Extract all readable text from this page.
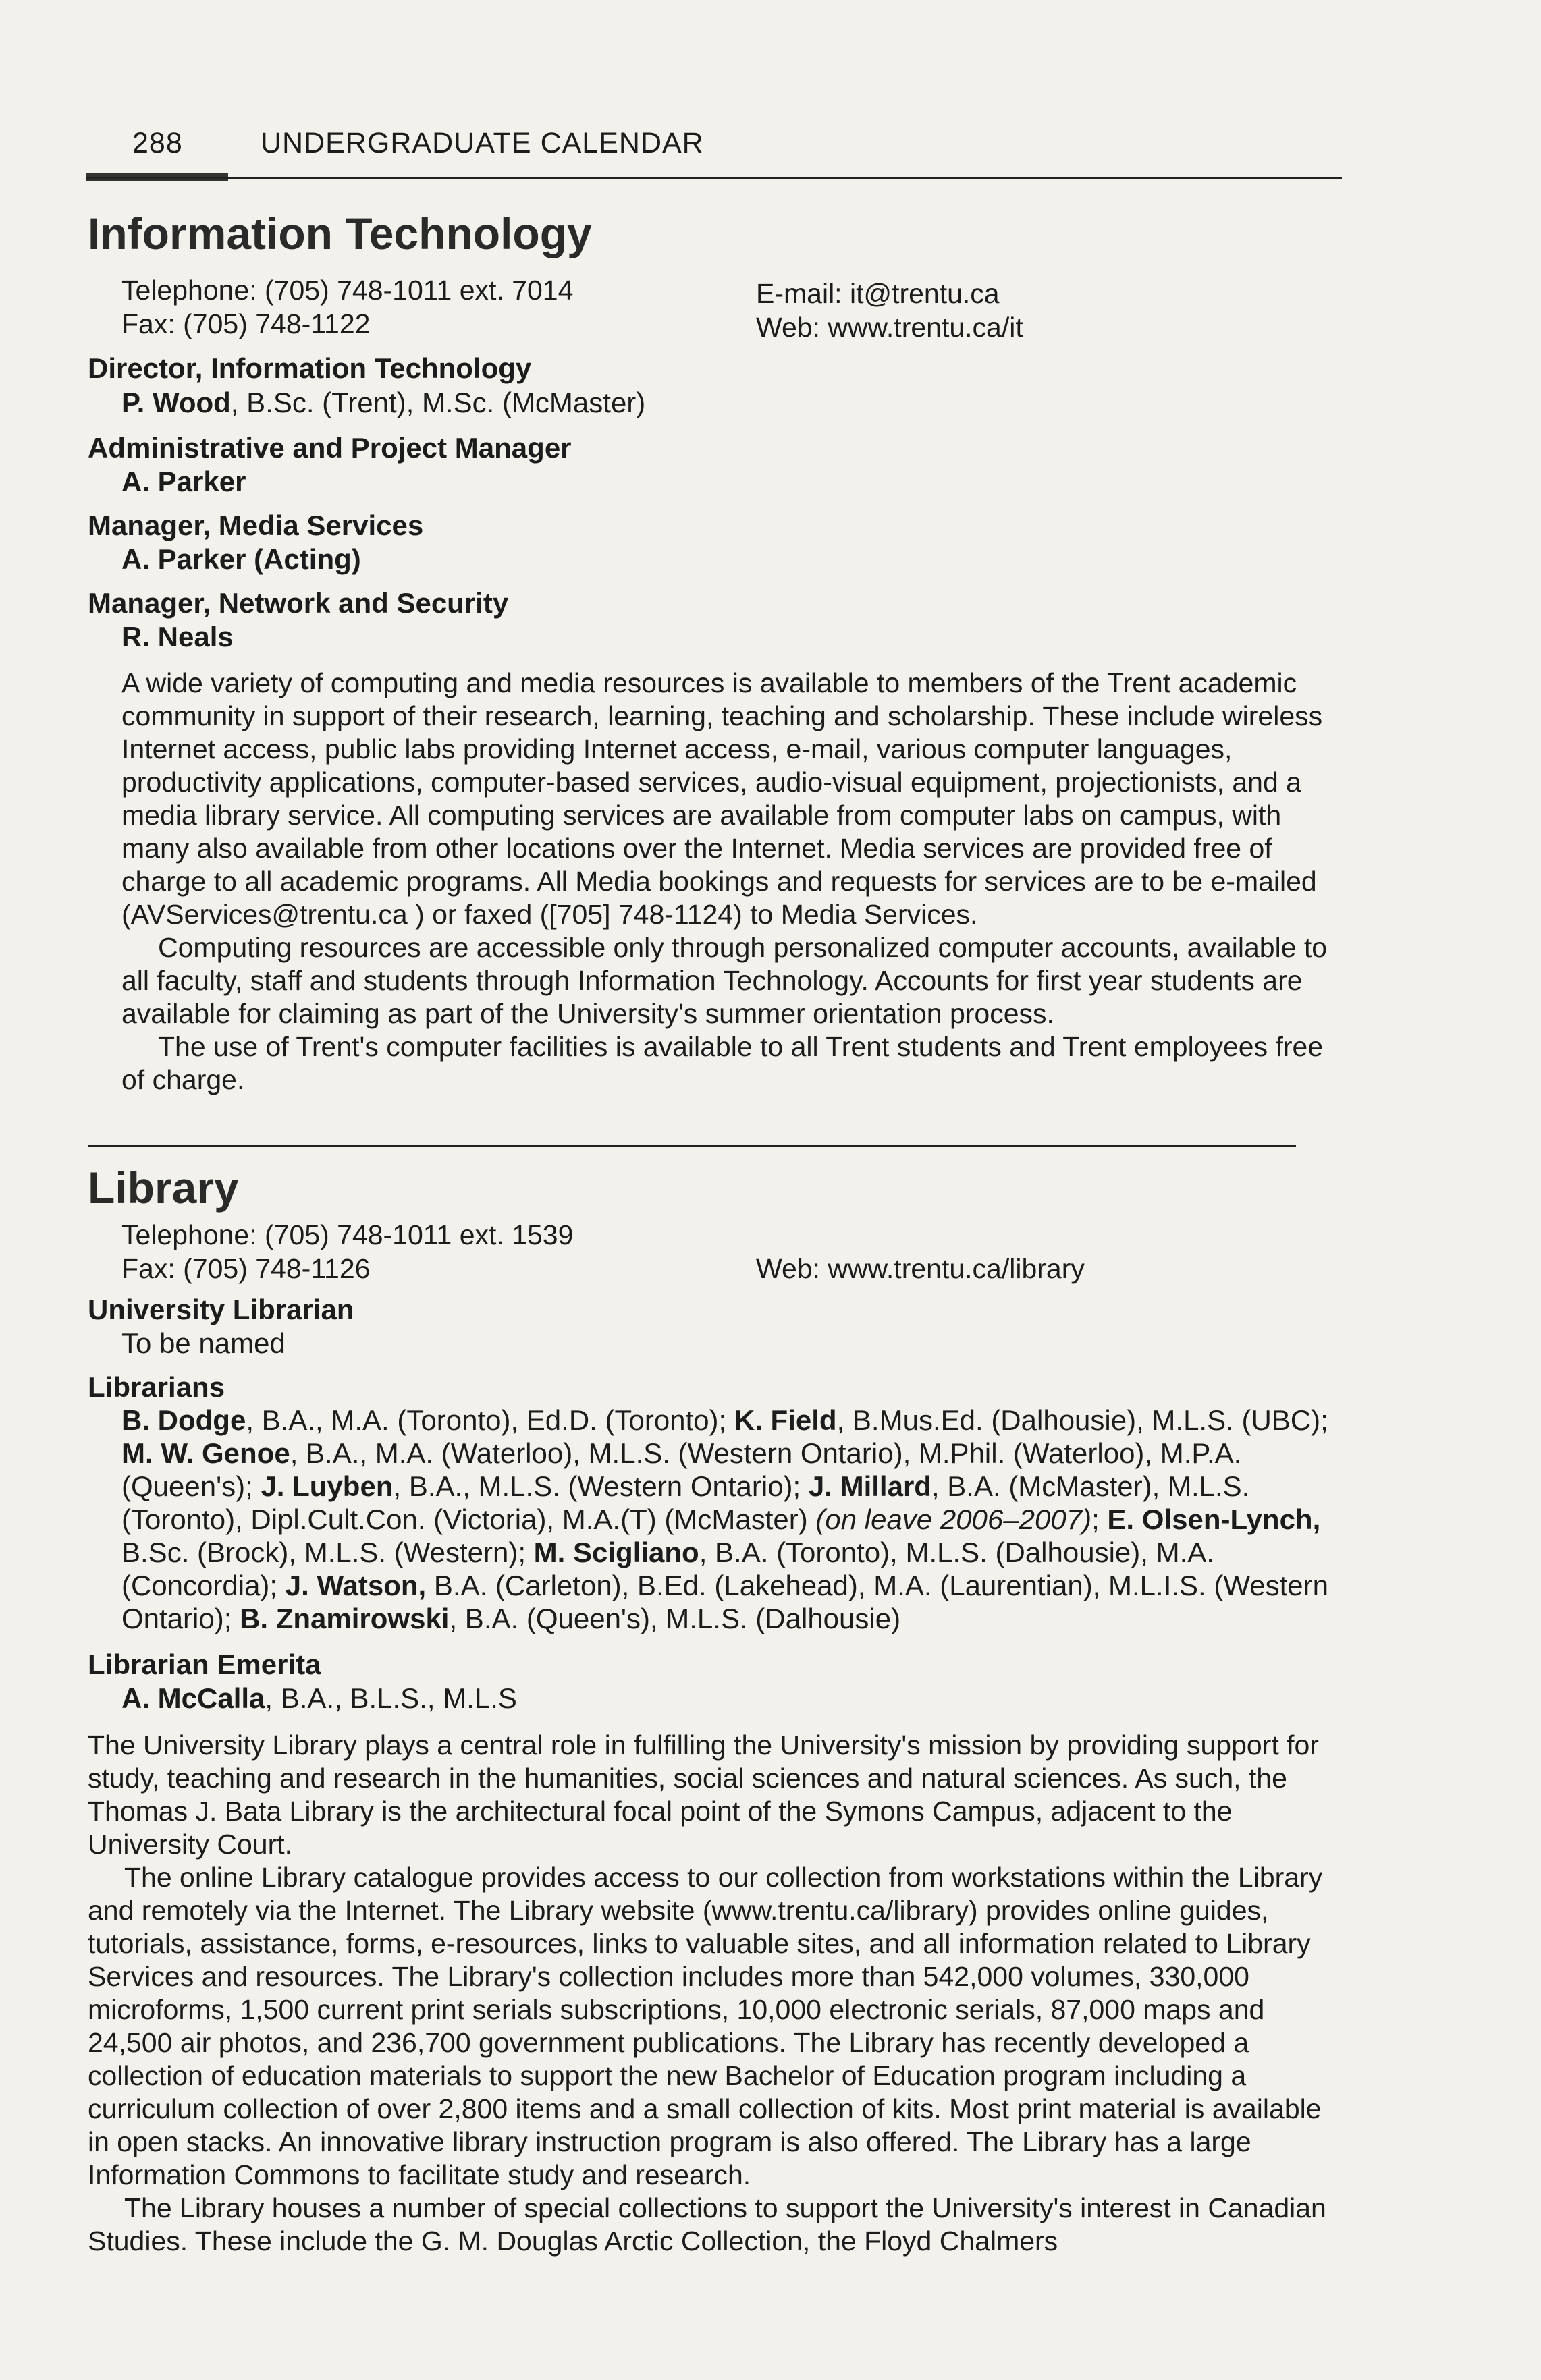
288	UNDERGRADUATE CALENDAR
Information Technology
Telephone: (705) 748-1011 ext. 7014
Fax: (705) 748-1122
E-mail: it@trentu.ca
Web: www.trentu.ca/it
Director, Information Technology
P. Wood, B.Sc. (Trent), M.Sc. (McMaster)
Administrative and Project Manager
A. Parker
Manager, Media Services
A. Parker (Acting)
Manager, Network and Security
R. Neals
A wide variety of computing and media resources is available to members of the Trent academic community in support of their research, learning, teaching and scholarship. These include wireless Internet access, public labs providing Internet access, e-mail, various computer languages, productivity applications, computer-based services, audio-visual equipment, projectionists, and a media library service. All computing services are available from computer labs on campus, with many also available from other locations over the Internet. Media services are provided free of charge to all academic programs. All Media bookings and requests for services are to be e-mailed (AVServices@trentu.ca ) or faxed ([705] 748-1124) to Media Services.
Computing resources are accessible only through personalized computer accounts, available to all faculty, staff and students through Information Technology. Accounts for first year students are available for claiming as part of the University's summer orientation process.
The use of Trent's computer facilities is available to all Trent students and Trent employees free of charge.
Library
Telephone: (705) 748-1011 ext. 1539
Fax: (705) 748-1126	Web: www.trentu.ca/library
University Librarian
To be named
Librarians
B. Dodge, B.A., M.A. (Toronto), Ed.D. (Toronto); K. Field, B.Mus.Ed. (Dalhousie), M.L.S. (UBC); M. W. Genoe, B.A., M.A. (Waterloo), M.L.S. (Western Ontario), M.Phil. (Waterloo), M.P.A. (Queen's); J. Luyben, B.A., M.L.S. (Western Ontario); J. Millard, B.A. (McMaster), M.L.S. (Toronto), Dipl.Cult.Con. (Victoria), M.A.(T) (McMaster) (on leave 2006–2007); E. Olsen-Lynch, B.Sc. (Brock), M.L.S. (Western); M. Scigliano, B.A. (Toronto), M.L.S. (Dalhousie), M.A. (Concordia); J. Watson, B.A. (Carleton), B.Ed. (Lakehead), M.A. (Laurentian), M.L.I.S. (Western Ontario); B. Znamirowski, B.A. (Queen's), M.L.S. (Dalhousie)
Librarian Emerita
A. McCalla, B.A., B.L.S., M.L.S
The University Library plays a central role in fulfilling the University's mission by providing support for study, teaching and research in the humanities, social sciences and natural sciences. As such, the Thomas J. Bata Library is the architectural focal point of the Symons Campus, adjacent to the University Court.
The online Library catalogue provides access to our collection from workstations within the Library and remotely via the Internet. The Library website (www.trentu.ca/library) provides online guides, tutorials, assistance, forms, e-resources, links to valuable sites, and all information related to Library Services and resources. The Library's collection includes more than 542,000 volumes, 330,000 microforms, 1,500 current print serials subscriptions, 10,000 electronic serials, 87,000 maps and 24,500 air photos, and 236,700 government publications. The Library has recently developed a collection of education materials to support the new Bachelor of Education program including a curriculum collection of over 2,800 items and a small collection of kits. Most print material is available in open stacks. An innovative library instruction program is also offered. The Library has a large Information Commons to facilitate study and research.
The Library houses a number of special collections to support the University's interest in Canadian Studies. These include the G. M. Douglas Arctic Collection, the Floyd Chalmers
